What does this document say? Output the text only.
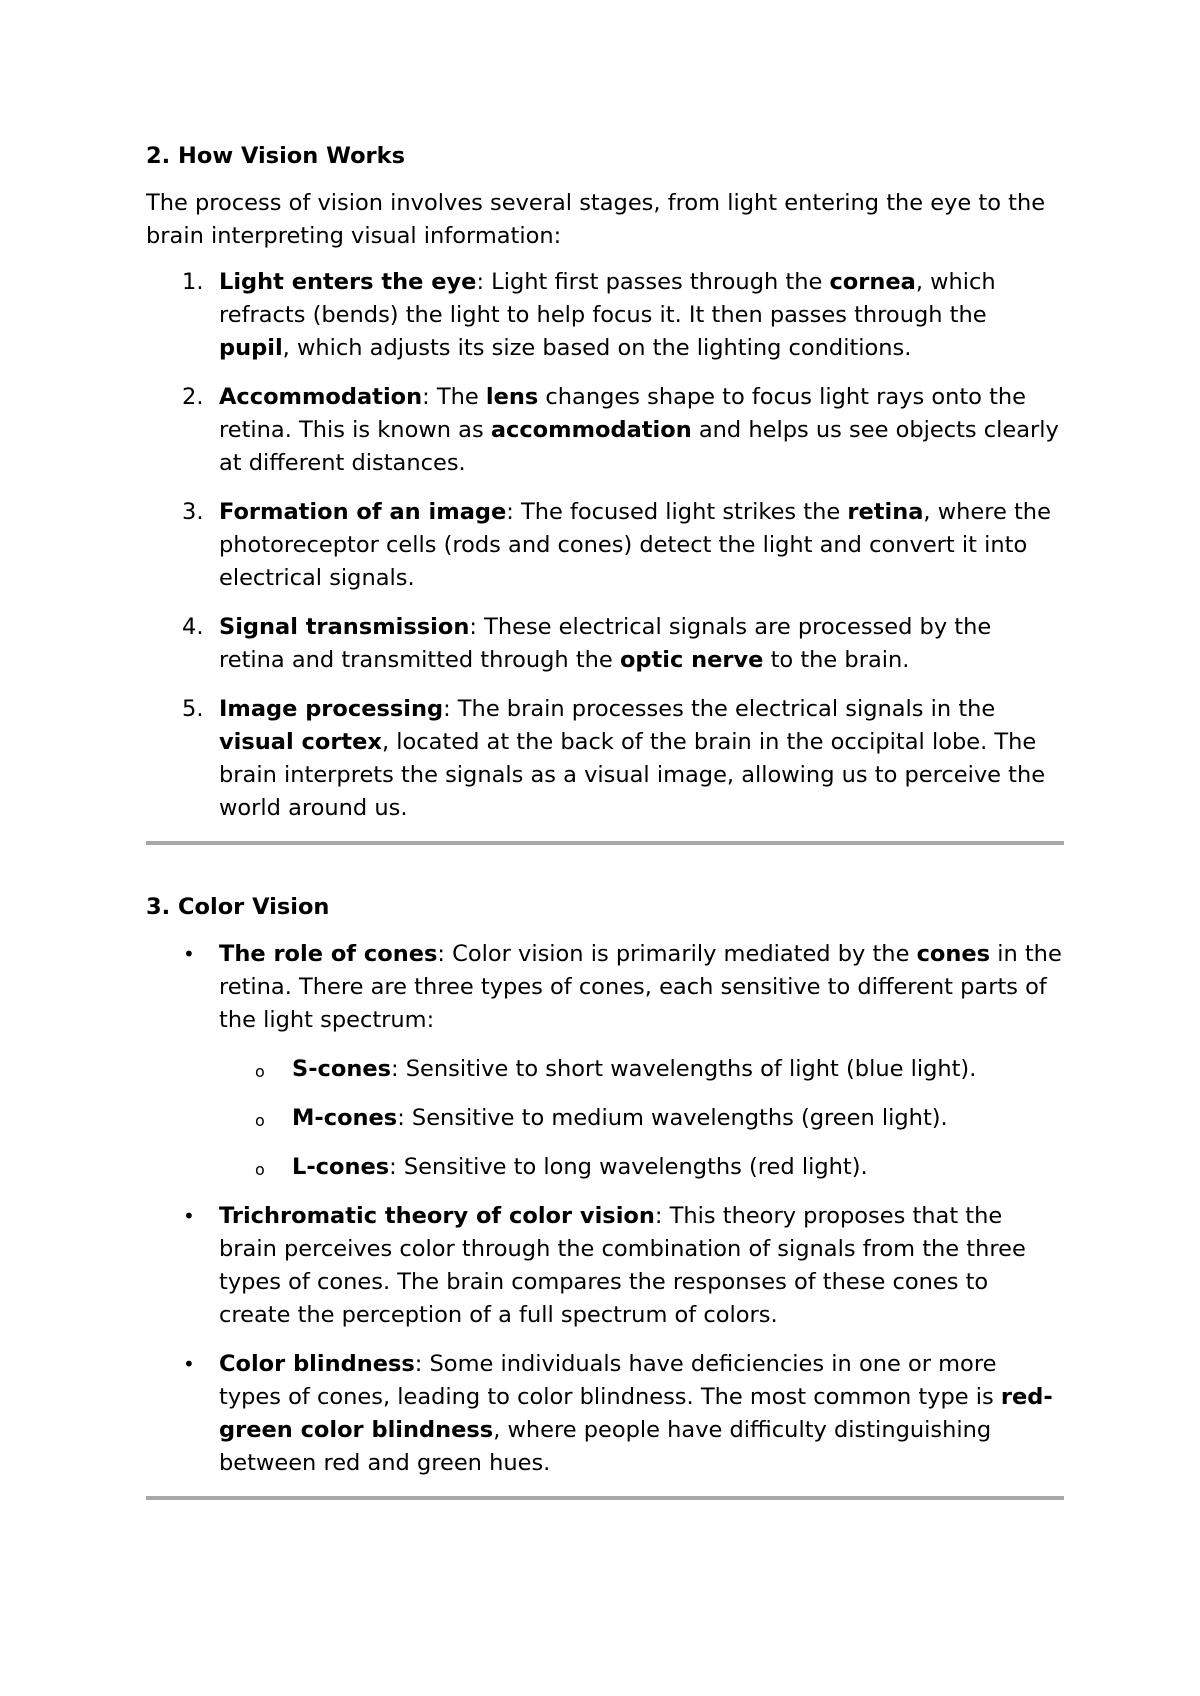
2. How Vision Works
The process of vision involves several stages, from light entering the eye to the brain interpreting visual information:
1. Light enters the eye: Light first passes through the cornea, which refracts (bends) the light to help focus it. It then passes through the pupil, which adjusts its size based on the lighting conditions.
2. Accommodation: The lens changes shape to focus light rays onto the retina. This is known as accommodation and helps us see objects clearly at different distances.
3. Formation of an image: The focused light strikes the retina, where the photoreceptor cells (rods and cones) detect the light and convert it into electrical signals.
4. Signal transmission: These electrical signals are processed by the retina and transmitted through the optic nerve to the brain.
5. Image processing: The brain processes the electrical signals in the visual cortex, located at the back of the brain in the occipital lobe. The brain interprets the signals as a visual image, allowing us to perceive the world around us.
3. Color Vision
• The role of cones: Color vision is primarily mediated by the cones in the retina. There are three types of cones, each sensitive to different parts of the light spectrum:
o S-cones: Sensitive to short wavelengths of light (blue light).
o M-cones: Sensitive to medium wavelengths (green light).
o L-cones: Sensitive to long wavelengths (red light).
• Trichromatic theory of color vision: This theory proposes that the brain perceives color through the combination of signals from the three types of cones. The brain compares the responses of these cones to create the perception of a full spectrum of colors.
• Color blindness: Some individuals have deficiencies in one or more types of cones, leading to color blindness. The most common type is red-green color blindness, where people have difficulty distinguishing between red and green hues.
